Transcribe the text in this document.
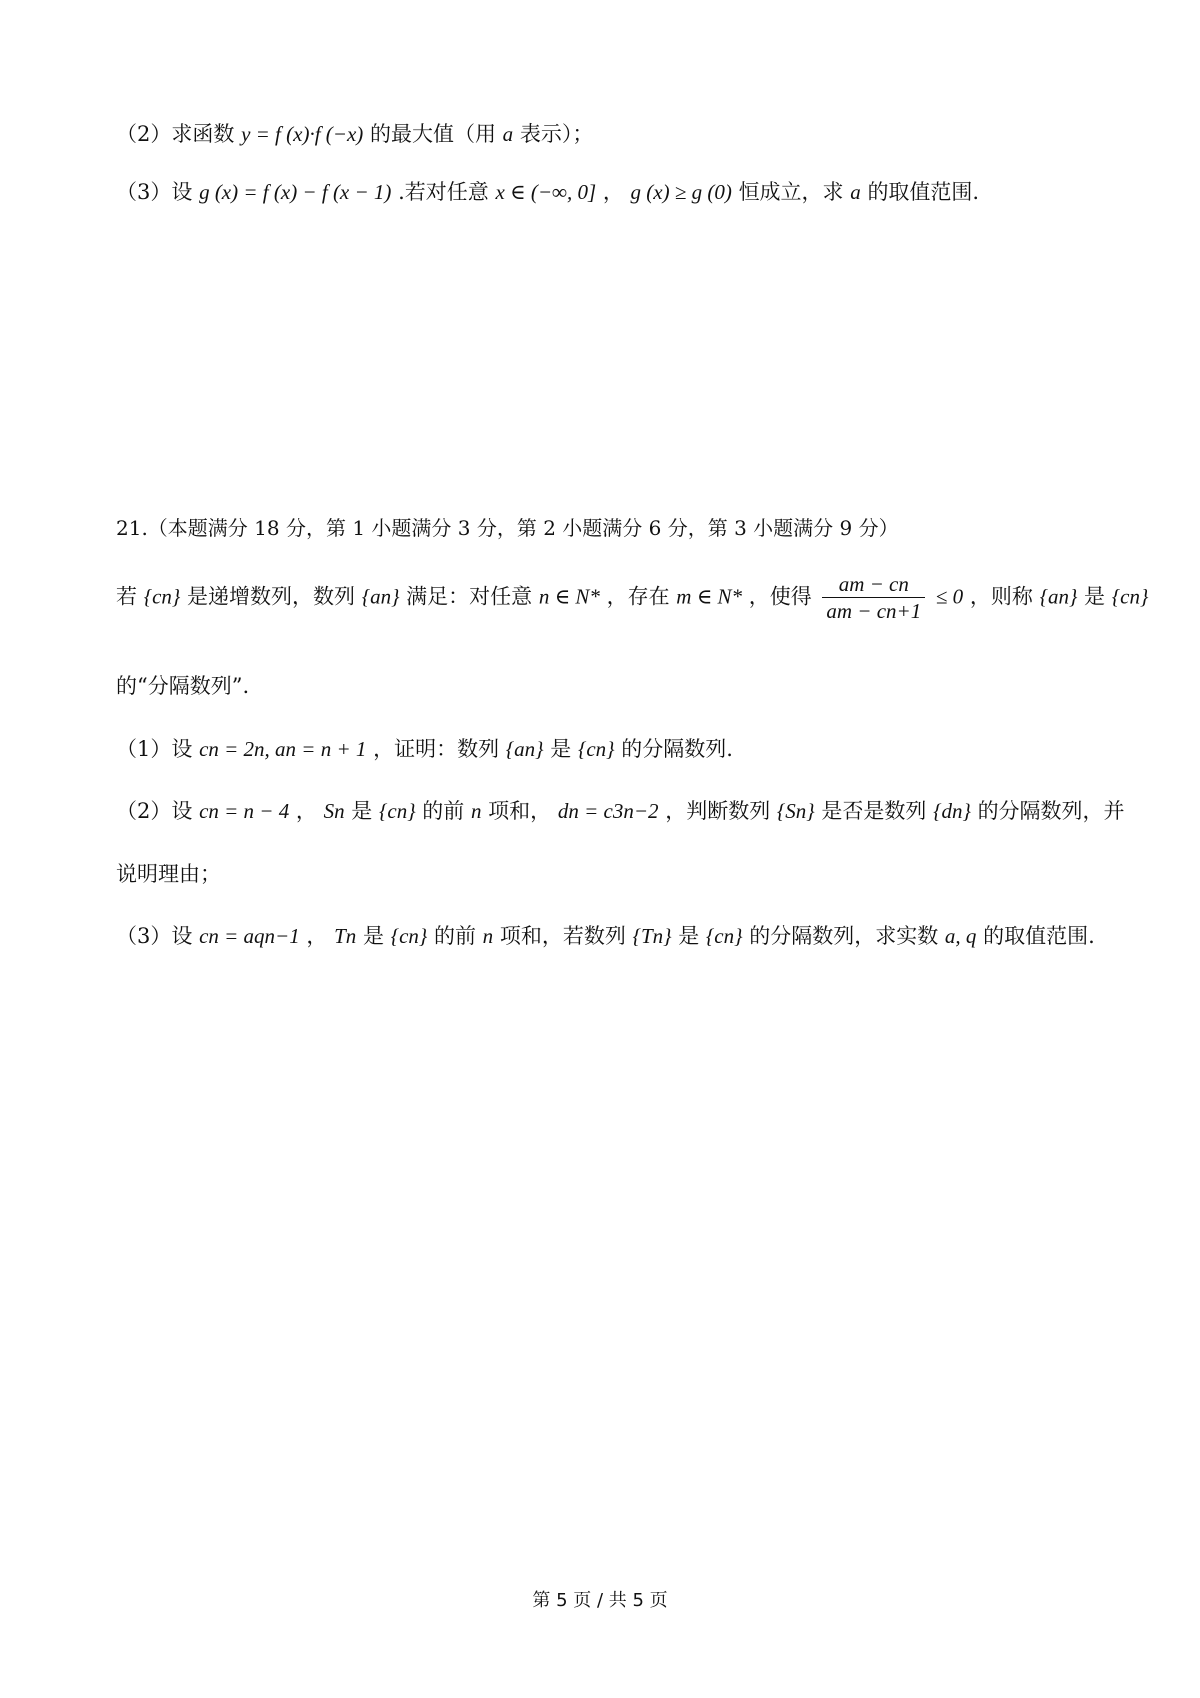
（2）求函数 y = f (x)·f (−x) 的最大值（用 a 表示）；
（3）设 g (x) = f (x) − f (x − 1) .若对任意 x ∈ (−∞, 0] ， g (x) ≥ g (0) 恒成立，求 a 的取值范围.
21.（本题满分 18 分，第 1 小题满分 3 分，第 2 小题满分 6 分，第 3 小题满分 9 分）
若 {cn} 是递增数列，数列 {an} 满足：对任意 n ∈ N* ，存在 m ∈ N* ，使得 $\frac{am - cn}{am - cn+1} \le 0$ ，则称 {an} 是 {cn}
的“分隔数列”.
（1）设 cn = 2n, an = n + 1 ，证明：数列 {an} 是 {cn} 的分隔数列.
（2）设 cn = n − 4 ， Sn 是 {cn} 的前 n 项和， dn = c3n−2 ，判断数列 {Sn} 是否是数列 {dn} 的分隔数列，并
说明理由；
（3）设 cn = aqn−1 ， Tn 是 {cn} 的前 n 项和，若数列 {Tn} 是 {cn} 的分隔数列，求实数 a, q 的取值范围.
第 5 页 / 共 5 页
